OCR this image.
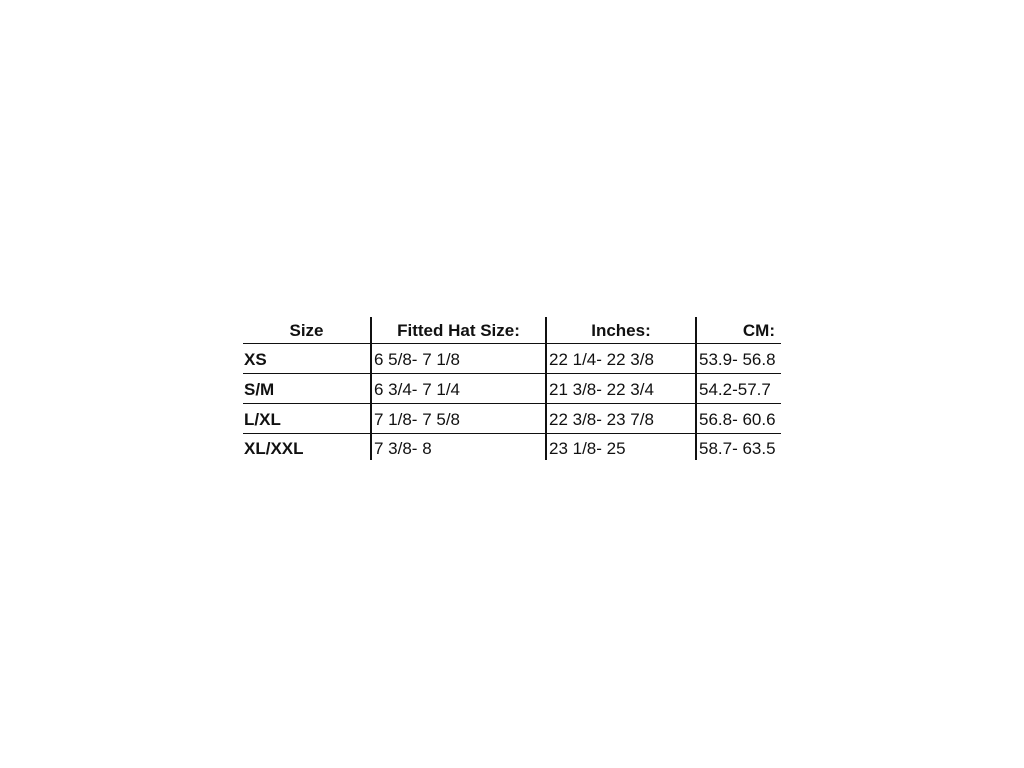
Size	Fitted Hat Size:	Inches:	CM:
XS	6 5/8- 7 1/8	22 1/4- 22 3/8	53.9- 56.8
S/M	6 3/4- 7 1/4	21 3/8- 22 3/4	54.2-57.7
L/XL	7 1/8- 7 5/8	22 3/8- 23 7/8	56.8- 60.6
XL/XXL	7 3/8- 8	23 1/8- 25	58.7- 63.5
